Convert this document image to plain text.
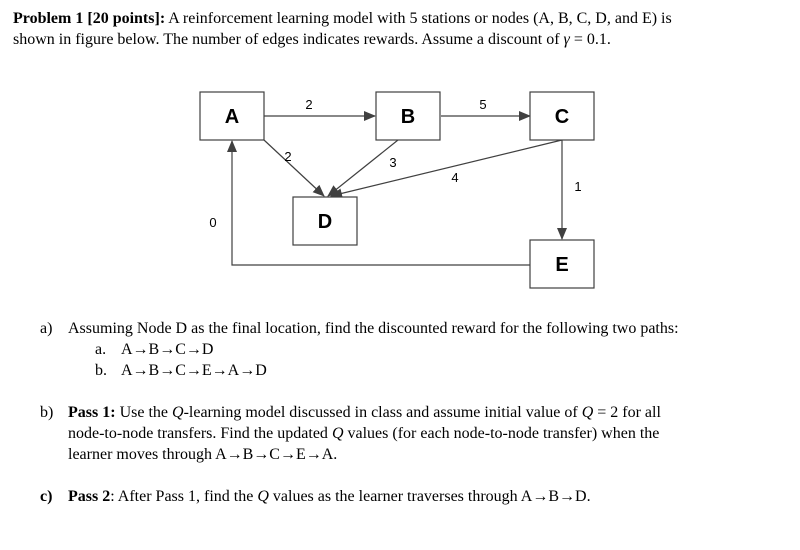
Problem 1 [20 points]: A reinforcement learning model with 5 stations or nodes (A, B, C, D, and E) is
shown in figure below. The number of edges indicates rewards. Assume a discount of γ = 0.1.
A	B	C
D
E
2	5
2	3
4
1
0
a) Assuming Node D as the final location, find the discounted reward for the following two paths:
a. A→B→C→D
b. A→B→C→E→A→D
b) Pass 1: Use the Q-learning model discussed in class and assume initial value of Q = 2 for all
node-to-node transfers. Find the updated Q values (for each node-to-node transfer) when the
learner moves through A→B→C→E→A.
c) Pass 2: After Pass 1, find the Q values as the learner traverses through A→B→D.
